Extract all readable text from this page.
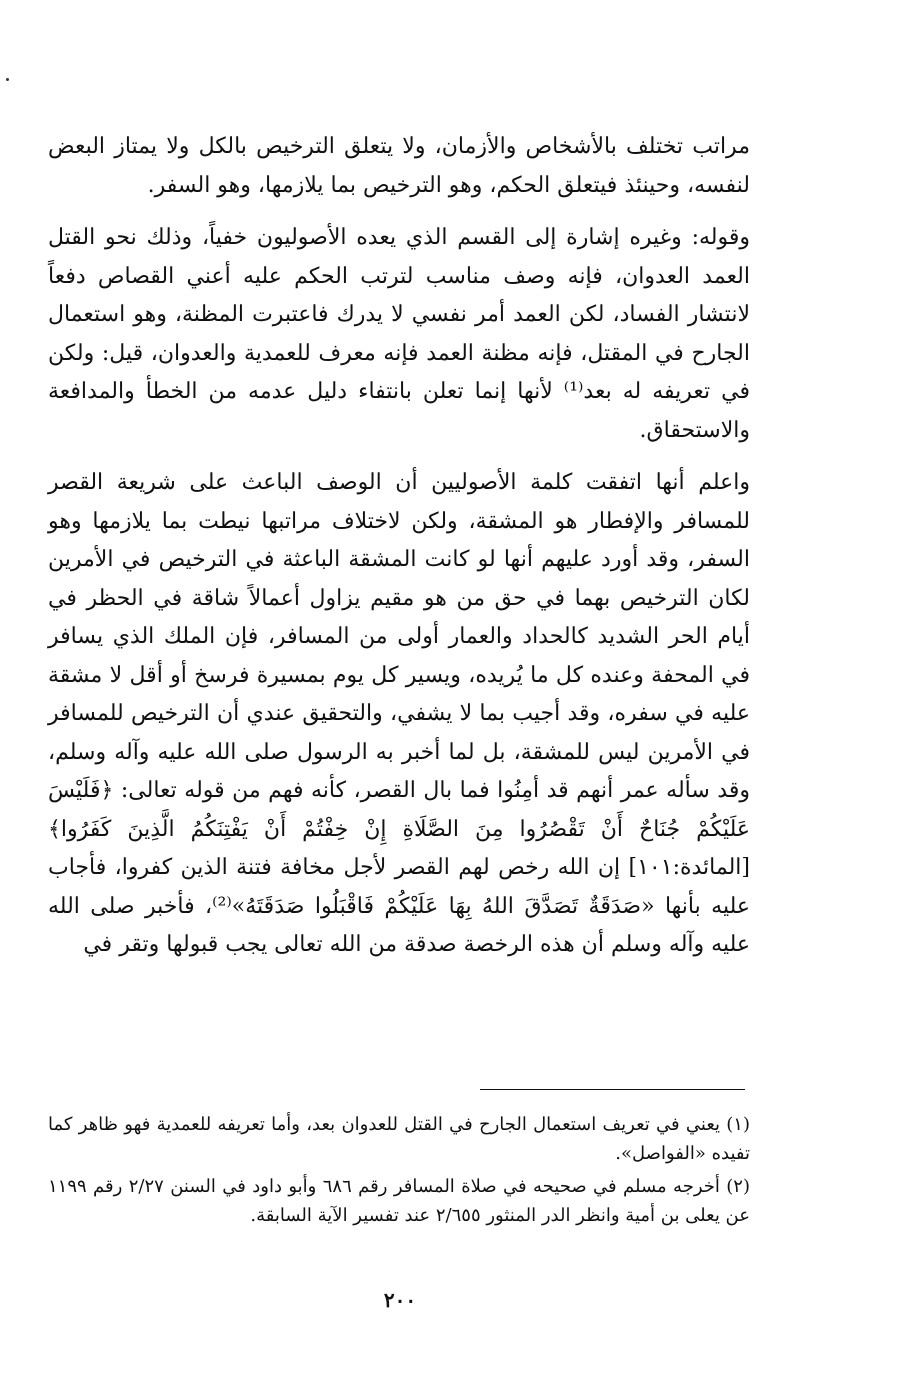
مراتب تختلف بالأشخاص والأزمان، ولا يتعلق الترخيص بالكل ولا يمتاز البعض لنفسه، وحينئذ فيتعلق الحكم، وهو الترخيص بما يلازمها، وهو السفر.

وقوله: وغيره إشارة إلى القسم الذي يعده الأصوليون خفياً، وذلك نحو القتل العمد العدوان، فإنه وصف مناسب لترتب الحكم عليه أعني القصاص دفعاً لانتشار الفساد، لكن العمد أمر نفسي لا يدرك فاعتبرت المظنة، وهو استعمال الجارح في المقتل، فإنه مظنة العمد فإنه معرف للعمدية والعدوان، قيل: ولكن في تعريفه له بعد⁽¹⁾ لأنها إنما تعلن بانتفاء دليل عدمه من الخطأ والمدافعة والاستحقاق.

واعلم أنها اتفقت كلمة الأصوليين أن الوصف الباعث على شريعة القصر للمسافر والإفطار هو المشقة، ولكن لاختلاف مراتبها نيطت بما يلازمها وهو السفر، وقد أورد عليهم أنها لو كانت المشقة الباعثة في الترخيص في الأمرين لكان الترخيص بهما في حق من هو مقيم يزاول أعمالاً شاقة في الحظر في أيام الحر الشديد كالحداد والعمار أولى من المسافر، فإن الملك الذي يسافر في المحفة وعنده كل ما يُريده، ويسير كل يوم بمسيرة فرسخ أو أقل لا مشقة عليه في سفره، وقد أجيب بما لا يشفي، والتحقيق عندي أن الترخيص للمسافر في الأمرين ليس للمشقة، بل لما أخبر به الرسول صلى الله عليه وآله وسلم، وقد سأله عمر أنهم قد أمِنُوا فما بال القصر، كأنه فهم من قوله تعالى: ﴿فَلَيْسَ عَلَيْكُمْ جُنَاحٌ أَنْ تَقْصُرُوا مِنَ الصَّلَاةِ إِنْ خِفْتُمْ أَنْ يَفْتِنَكُمُ الَّذِينَ كَفَرُوا﴾ [المائدة:١٠١] إن الله رخص لهم القصر لأجل مخافة فتنة الذين كفروا، فأجاب عليه بأنها «صَدَقَةٌ تَصَدَّقَ اللهُ بِهَا عَلَيْكُمْ فَاقْبَلُوا صَدَقَتَهُ»⁽²⁾، فأخبر صلى الله عليه وآله وسلم أن هذه الرخصة صدقة من الله تعالى يجب قبولها وتقر في

(١) يعني في تعريف استعمال الجارح في القتل للعدوان بعد، وأما تعريفه للعمدية فهو ظاهر كما تفيده «الفواصل».

(٢) أخرجه مسلم في صحيحه في صلاة المسافر رقم ٦٨٦ وأبو داود في السنن ٢/٢٧ رقم ١١٩٩ عن يعلى بن أمية وانظر الدر المنثور ٢/٦٥٥ عند تفسير الآية السابقة.

٢٠٠
